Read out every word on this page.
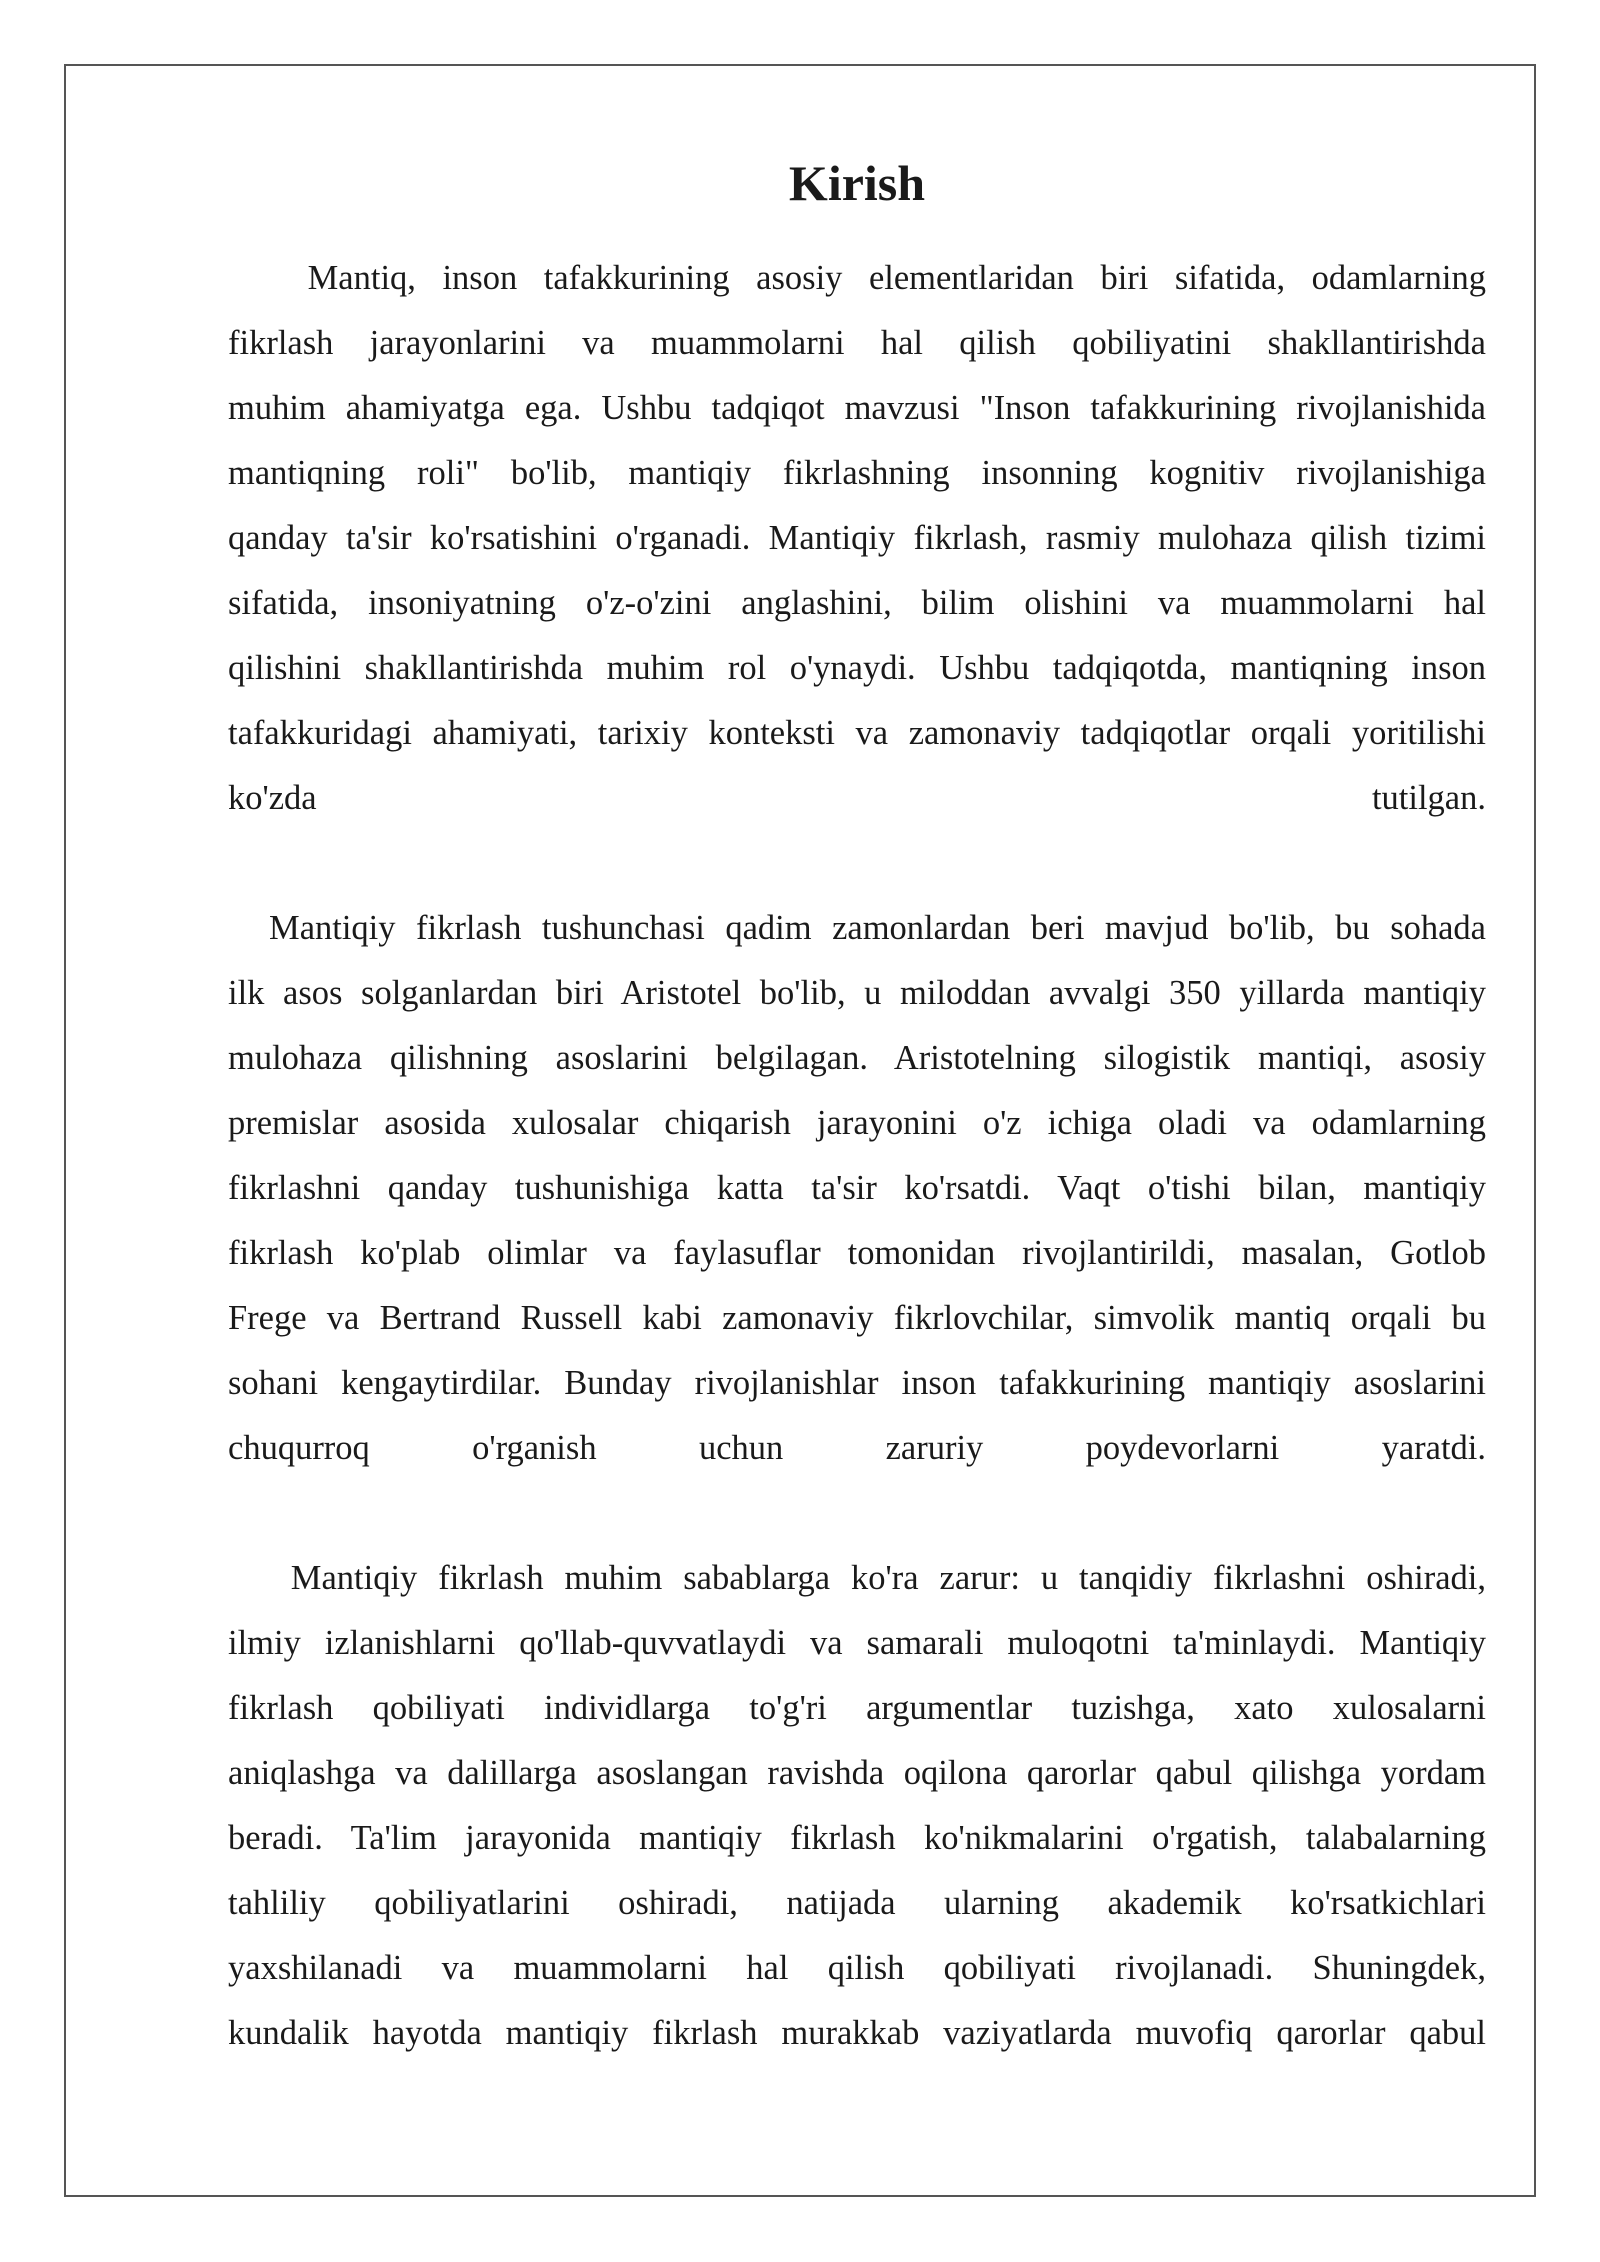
Kirish
Mantiq, inson tafakkurining asosiy elementlaridan biri sifatida, odamlarning
fikrlash jarayonlarini va muammolarni hal qilish qobiliyatini shakllantirishda
muhim ahamiyatga ega. Ushbu tadqiqot mavzusi "Inson tafakkurining rivojlanishida
mantiqning roli" bo'lib, mantiqiy fikrlashning insonning kognitiv rivojlanishiga
qanday ta'sir ko'rsatishini o'rganadi. Mantiqiy fikrlash, rasmiy mulohaza qilish tizimi
sifatida, insoniyatning o'z-o'zini anglashini, bilim olishini va muammolarni hal
qilishini shakllantirishda muhim rol o'ynaydi. Ushbu tadqiqotda, mantiqning inson
tafakkuridagi ahamiyati, tarixiy konteksti va zamonaviy tadqiqotlar orqali yoritilishi
ko'zda tutilgan.
Mantiqiy fikrlash tushunchasi qadim zamonlardan beri mavjud bo'lib, bu sohada
ilk asos solganlardan biri Aristotel bo'lib, u miloddan avvalgi 350 yillarda mantiqiy
mulohaza qilishning asoslarini belgilagan. Aristotelning silogistik mantiqi, asosiy
premislar asosida xulosalar chiqarish jarayonini o'z ichiga oladi va odamlarning
fikrlashni qanday tushunishiga katta ta'sir ko'rsatdi. Vaqt o'tishi bilan, mantiqiy
fikrlash ko'plab olimlar va faylasuflar tomonidan rivojlantirildi, masalan, Gotlob
Frege va Bertrand Russell kabi zamonaviy fikrlovchilar, simvolik mantiq orqali bu
sohani kengaytirdilar. Bunday rivojlanishlar inson tafakkurining mantiqiy asoslarini
chuqurroq o'rganish uchun zaruriy poydevorlarni yaratdi.
Mantiqiy fikrlash muhim sabablarga ko'ra zarur: u tanqidiy fikrlashni oshiradi,
ilmiy izlanishlarni qo'llab-quvvatlaydi va samarali muloqotni ta'minlaydi. Mantiqiy
fikrlash qobiliyati individlarga to'g'ri argumentlar tuzishga, xato xulosalarni
aniqlashga va dalillarga asoslangan ravishda oqilona qarorlar qabul qilishga yordam
beradi. Ta'lim jarayonida mantiqiy fikrlash ko'nikmalarini o'rgatish, talabalarning
tahliliy qobiliyatlarini oshiradi, natijada ularning akademik ko'rsatkichlari
yaxshilanadi va muammolarni hal qilish qobiliyati rivojlanadi. Shuningdek,
kundalik hayotda mantiqiy fikrlash murakkab vaziyatlarda muvofiq qarorlar qabul
